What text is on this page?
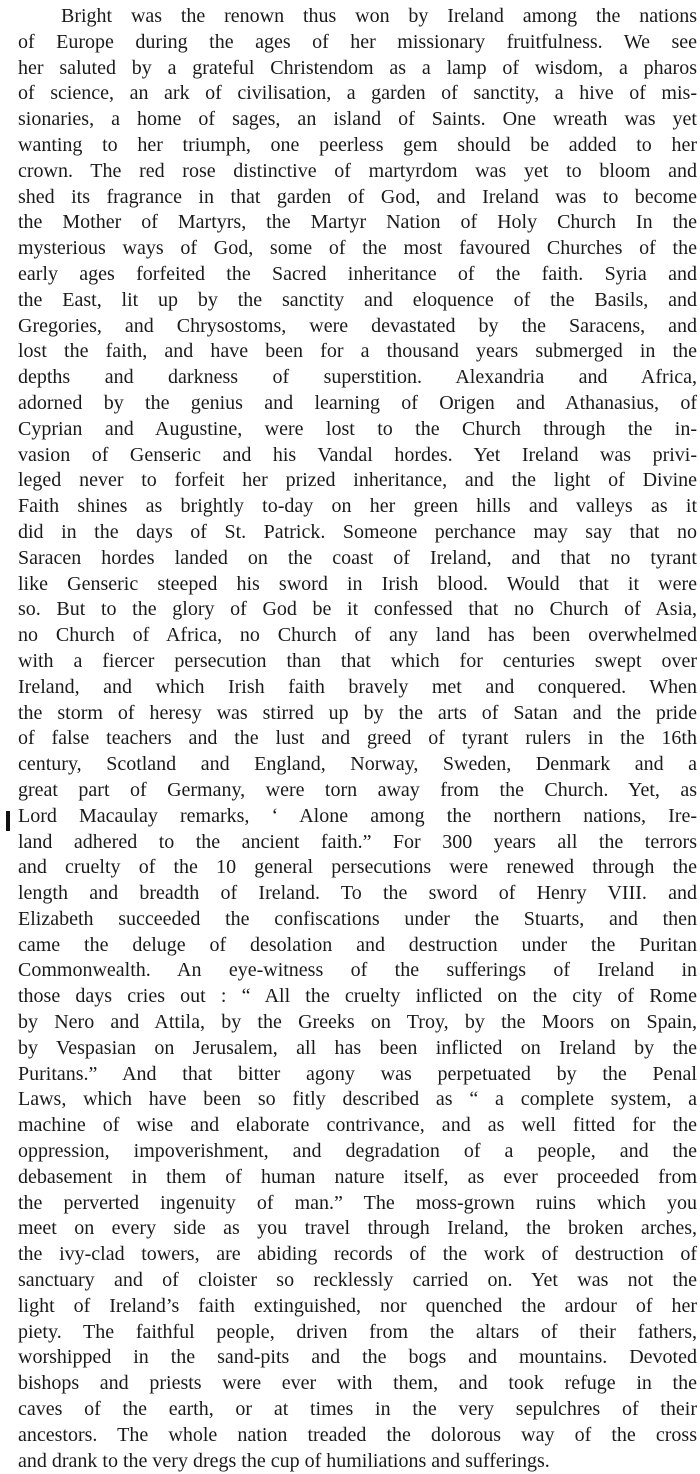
Bright was the renown thus won by Ireland among the nations
of Europe during the ages of her missionary fruitfulness. We see
her saluted by a grateful Christendom as a lamp of wisdom, a pharos
of science, an ark of civilisation, a garden of sanctity, a hive of mis-
sionaries, a home of sages, an island of Saints. One wreath was yet
wanting to her triumph, one peerless gem should be added to her
crown. The red rose distinctive of martyrdom was yet to bloom and
shed its fragrance in that garden of God, and Ireland was to become
the Mother of Martyrs, the Martyr Nation of Holy Church In the
mysterious ways of God, some of the most favoured Churches of the
early ages forfeited the Sacred inheritance of the faith. Syria and
the East, lit up by the sanctity and eloquence of the Basils, and
Gregories, and Chrysostoms, were devastated by the Saracens, and
lost the faith, and have been for a thousand years submerged in the
depths and darkness of superstition. Alexandria and Africa,
adorned by the genius and learning of Origen and Athanasius, of
Cyprian and Augustine, were lost to the Church through the in-
vasion of Genseric and his Vandal hordes. Yet Ireland was privi-
leged never to forfeit her prized inheritance, and the light of Divine
Faith shines as brightly to-day on her green hills and valleys as it
did in the days of St. Patrick. Someone perchance may say that no
Saracen hordes landed on the coast of Ireland, and that no tyrant
like Genseric steeped his sword in Irish blood. Would that it were
so. But to the glory of God be it confessed that no Church of Asia,
no Church of Africa, no Church of any land has been overwhelmed
with a fiercer persecution than that which for centuries swept over
Ireland, and which Irish faith bravely met and conquered. When
the storm of heresy was stirred up by the arts of Satan and the pride
of false teachers and the lust and greed of tyrant rulers in the 16th
century, Scotland and England, Norway, Sweden, Denmark and a
great part of Germany, were torn away from the Church. Yet, as
Lord Macaulay remarks, ‘ Alone among the northern nations, Ire-
land adhered to the ancient faith.” For 300 years all the terrors
and cruelty of the 10 general persecutions were renewed through the
length and breadth of Ireland. To the sword of Henry VIII. and
Elizabeth succeeded the confiscations under the Stuarts, and then
came the deluge of desolation and destruction under the Puritan
Commonwealth. An eye-witness of the sufferings of Ireland in
those days cries out : “ All the cruelty inflicted on the city of Rome
by Nero and Attila, by the Greeks on Troy, by the Moors on Spain,
by Vespasian on Jerusalem, all has been inflicted on Ireland by the
Puritans.” And that bitter agony was perpetuated by the Penal
Laws, which have been so fitly described as “ a complete system, a
machine of wise and elaborate contrivance, and as well fitted for the
oppression, impoverishment, and degradation of a people, and the
debasement in them of human nature itself, as ever proceeded from
the perverted ingenuity of man.” The moss-grown ruins which you
meet on every side as you travel through Ireland, the broken arches,
the ivy-clad towers, are abiding records of the work of destruction of
sanctuary and of cloister so recklessly carried on. Yet was not the
light of Ireland’s faith extinguished, nor quenched the ardour of her
piety. The faithful people, driven from the altars of their fathers,
worshipped in the sand-pits and the bogs and mountains. Devoted
bishops and priests were ever with them, and took refuge in the
caves of the earth, or at times in the very sepulchres of their
ancestors. The whole nation treaded the dolorous way of the cross
and drank to the very dregs the cup of humiliations and sufferings.
